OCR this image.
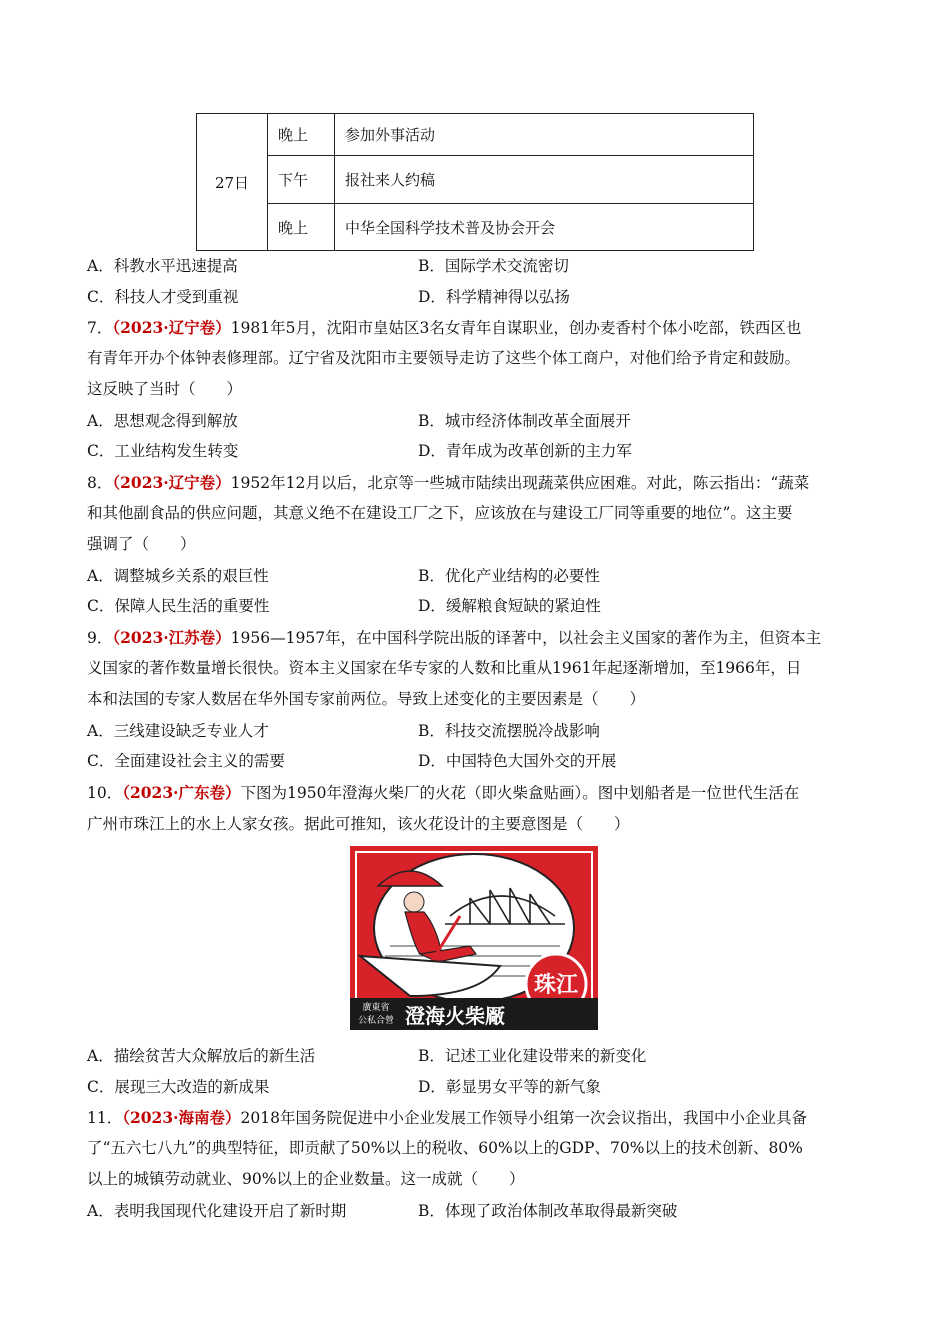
27日	晚上	参加外事活动
	下午	报社来人约稿
	晚上	中华全国科学技术普及协会开会
A．科教水平迅速提高	B．国际学术交流密切
C．科技人才受到重视	D．科学精神得以弘扬
7．（2023·辽宁卷）1981年5月，沈阳市皇姑区3名女青年自谋职业，创办麦香村个体小吃部，铁西区也
有青年开办个体钟表修理部。辽宁省及沈阳市主要领导走访了这些个体工商户，对他们给予肯定和鼓励。
这反映了当时（　　）
A．思想观念得到解放	B．城市经济体制改革全面展开
C．工业结构发生转变	D．青年成为改革创新的主力军
8．（2023·辽宁卷）1952年12月以后，北京等一些城市陆续出现蔬菜供应困难。对此，陈云指出：“蔬菜
和其他副食品的供应问题，其意义绝不在建设工厂之下，应该放在与建设工厂同等重要的地位”。这主要
强调了（　　）
A．调整城乡关系的艰巨性	B．优化产业结构的必要性
C．保障人民生活的重要性	D．缓解粮食短缺的紧迫性
9．（2023·江苏卷）1956—1957年，在中国科学院出版的译著中，以社会主义国家的著作为主，但资本主
义国家的著作数量增长很快。资本主义国家在华专家的人数和比重从1961年起逐渐增加，至1966年，日
本和法国的专家人数居在华外国专家前两位。导致上述变化的主要因素是（　　）
A．三线建设缺乏专业人才	B．科技交流摆脱冷战影响
C．全面建设社会主义的需要	D．中国特色大国外交的开展
10．（2023·广东卷）下图为1950年澄海火柴厂的火花（即火柴盒贴画）。图中划船者是一位世代生活在
广州市珠江上的水上人家女孩。据此可推知，该火花设计的主要意图是（　　）
珠江
廣東省
公私合營 澄海火柴厰
A．描绘贫苦大众解放后的新生活	B．记述工业化建设带来的新变化
C．展现三大改造的新成果	D．彰显男女平等的新气象
11．（2023·海南卷）2018年国务院促进中小企业发展工作领导小组第一次会议指出，我国中小企业具备
了“五六七八九”的典型特征，即贡献了50%以上的税收、60%以上的GDP、70%以上的技术创新、80%
以上的城镇劳动就业、90%以上的企业数量。这一成就（　　）
A．表明我国现代化建设开启了新时期	B．体现了政治体制改革取得最新突破
